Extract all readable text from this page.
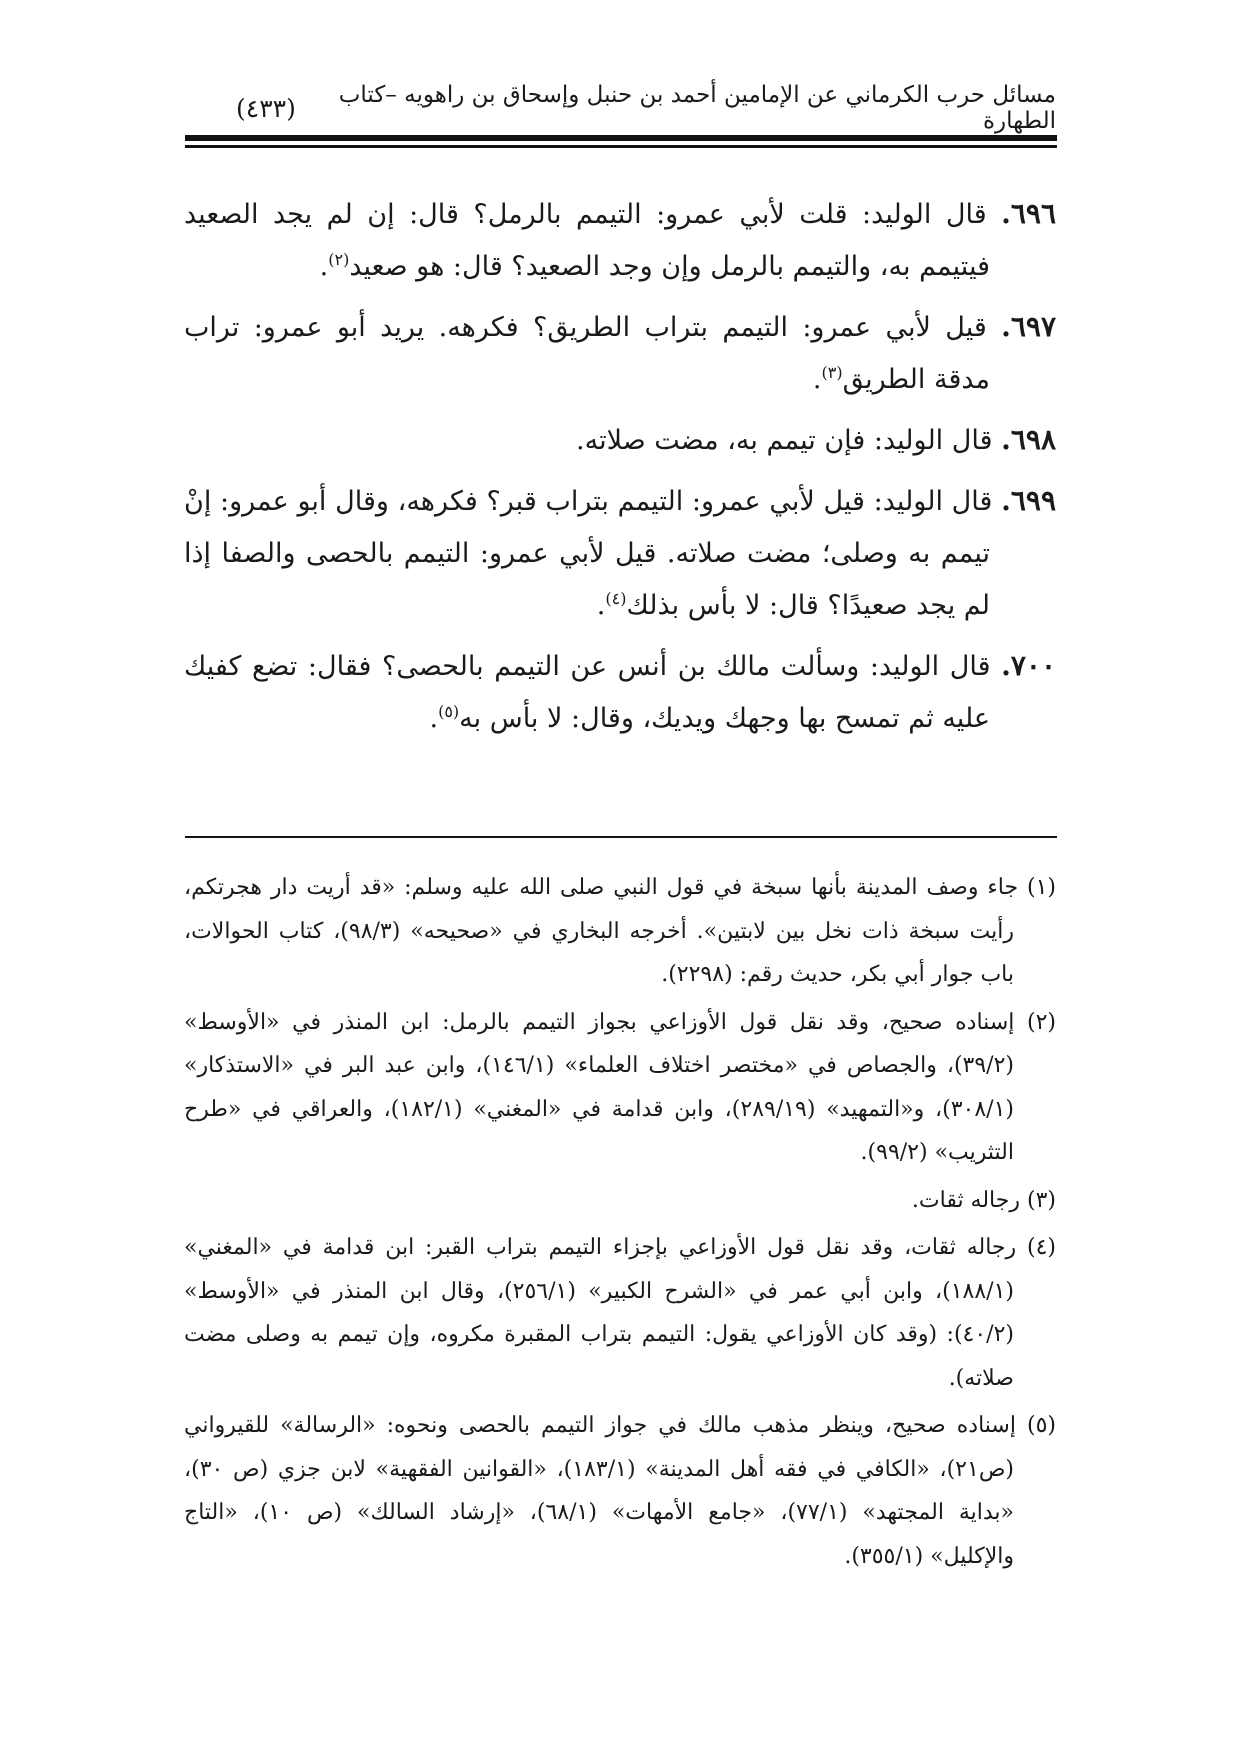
مسائل حرب الكرماني عن الإمامين أحمد بن حنبل وإسحاق بن راهويه –كتاب الطهارة
(٤٣٣)

٦٩٦. قال الوليد: قلت لأبي عمرو: التيمم بالرمل؟ قال: إن لم يجد الصعيد فيتيمم به، والتيمم بالرمل وإن وجد الصعيد؟ قال: هو صعيد$^{(٢)}$.

٦٩٧. قيل لأبي عمرو: التيمم بتراب الطريق؟ فكرهه. يريد أبو عمرو: تراب مدقة الطريق$^{(٣)}$.

٦٩٨. قال الوليد: فإن تيمم به، مضت صلاته.

٦٩٩. قال الوليد: قيل لأبي عمرو: التيمم بتراب قبر؟ فكرهه، وقال أبو عمرو: إنْ تيمم به وصلى؛ مضت صلاته. قيل لأبي عمرو: التيمم بالحصى والصفا إذا لم يجد صعيدًا؟ قال: لا بأس بذلك$^{(٤)}$.

٧٠٠. قال الوليد: وسألت مالك بن أنس عن التيمم بالحصى؟ فقال: تضع كفيك عليه ثم تمسح بها وجهك ويديك، وقال: لا بأس به$^{(٥)}$.

(١) جاء وصف المدينة بأنها سبخة في قول النبي صلى الله عليه وسلم: «قد أريت دار هجرتكم، رأيت سبخة ذات نخل بين لابتين». أخرجه البخاري في «صحيحه» (٩٨/٣)، كتاب الحوالات، باب جوار أبي بكر، حديث رقم: (٢٢٩٨).

(٢) إسناده صحيح، وقد نقل قول الأوزاعي بجواز التيمم بالرمل: ابن المنذر في «الأوسط» (٣٩/٢)، والجصاص في «مختصر اختلاف العلماء» (١٤٦/١)، وابن عبد البر في «الاستذكار» (٣٠٨/١)، و«التمهيد» (٢٨٩/١٩)، وابن قدامة في «المغني» (١٨٢/١)، والعراقي في «طرح التثريب» (٩٩/٢).

(٣) رجاله ثقات.

(٤) رجاله ثقات، وقد نقل قول الأوزاعي بإجزاء التيمم بتراب القبر: ابن قدامة في «المغني» (١٨٨/١)، وابن أبي عمر في «الشرح الكبير» (٢٥٦/١)، وقال ابن المنذر في «الأوسط» (٤٠/٢): (وقد كان الأوزاعي يقول: التيمم بتراب المقبرة مكروه، وإن تيمم به وصلى مضت صلاته).

(٥) إسناده صحيح، وينظر مذهب مالك في جواز التيمم بالحصى ونحوه: «الرسالة» للقيرواني (ص٢١)، «الكافي في فقه أهل المدينة» (١٨٣/١)، «القوانين الفقهية» لابن جزي (ص ٣٠)، «بداية المجتهد» (٧٧/١)، «جامع الأمهات» (٦٨/١)، «إرشاد السالك» (ص ١٠)، «التاج والإكليل» (٣٥٥/١).
